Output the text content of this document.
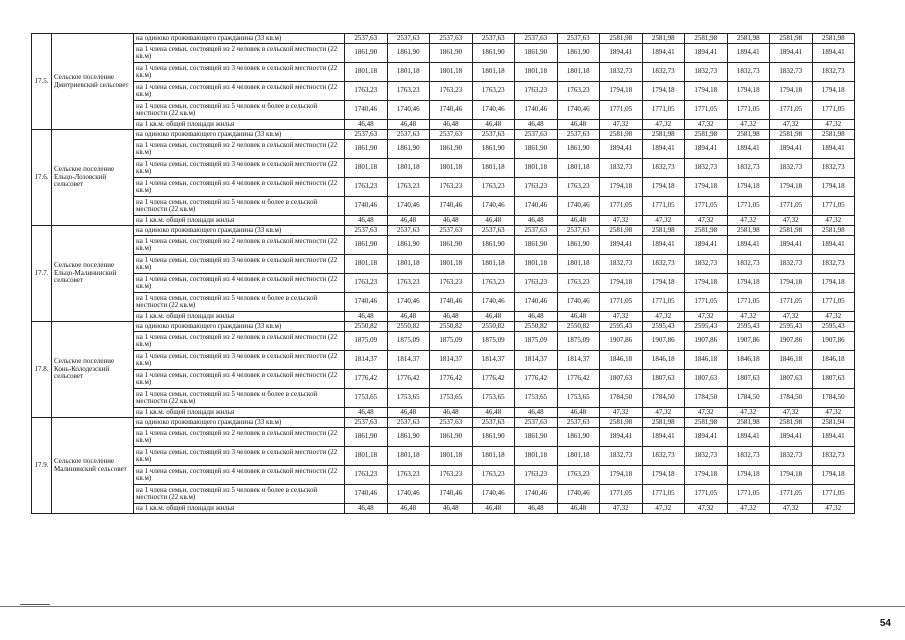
17.5.	Сельское поселение Дмитриевский сельсовет	на одиноко проживающего гражданина (33 кв.м)	2537,63	2537,63	2537,63	2537,63	2537,63	2537,63	2581,98	2581,98	2581,98	2581,98	2581,98	2581,98
		на 1 члена семьи, состоящей из 2 человек в сельской местности (22 кв.м)	1861,90	1861,90	1861,90	1861,90	1861,90	1861,90	1894,41	1894,41	1894,41	1894,41	1894,41	1894,41
		на 1 члена семьи, состоящей из 3 человек в сельской местности (22 кв.м)	1801,18	1801,18	1801,18	1801,18	1801,18	1801,18	1832,73	1832,73	1832,73	1832,73	1832,73	1832,73
		на 1 члена семьи, состоящей из 4 человек в сельской местности (22 кв.м)	1763,23	1763,23	1763,23	1763,23	1763,23	1763,23	1794,18	1794,18	1794,18	1794,18	1794,18	1794,18
		на 1 члена семьи, состоящей из 5 человек и более в сельской местности (22 кв.м)	1740,46	1740,46	1740,46	1740,46	1740,46	1740,46	1771,05	1771,05	1771,05	1771,05	1771,05	1771,05
		на 1 кв.м. общей площади жилья	46,48	46,48	46,48	46,48	46,48	46,48	47,32	47,32	47,32	47,32	47,32	47,32
17.6.	Сельское поселение Ельцо-Лозовский сельсовет	на одиноко проживающего гражданина (33 кв.м)	2537,63	2537,63	2537,63	2537,63	2537,63	2537,63	2581,98	2581,98	2581,98	2581,98	2581,98	2581,98
		на 1 члена семьи, состоящей из 2 человек в сельской местности (22 кв.м)	1861,90	1861,90	1861,90	1861,90	1861,90	1861,90	1894,41	1894,41	1894,41	1894,41	1894,41	1894,41
		на 1 члена семьи, состоящей из 3 человек в сельской местности (22 кв.м)	1801,18	1801,18	1801,18	1801,18	1801,18	1801,18	1832,73	1832,73	1832,73	1832,73	1832,73	1832,73
		на 1 члена семьи, состоящей из 4 человек в сельской местности (22 кв.м)	1763,23	1763,23	1763,23	1763,23	1763,23	1763,23	1794,18	1794,18	1794,18	1794,18	1794,18	1794,18
		на 1 члена семьи, состоящей из 5 человек и более в сельской местности (22 кв.м)	1740,46	1740,46	1740,46	1740,46	1740,46	1740,46	1771,05	1771,05	1771,05	1771,05	1771,05	1771,05
		на 1 кв.м. общей площади жилья	46,48	46,48	46,48	46,48	46,48	46,48	47,32	47,32	47,32	47,32	47,32	47,32
17.7.	Сельское поселение Ельцо-Малининский сельсовет	на одиноко проживающего гражданина (33 кв.м)	2537,63	2537,63	2537,63	2537,63	2537,63	2537,63	2581,98	2581,98	2581,98	2581,98	2581,98	2581,98
		на 1 члена семьи, состоящей из 2 человек в сельской местности (22 кв.м)	1861,90	1861,90	1861,90	1861,90	1861,90	1861,90	1894,41	1894,41	1894,41	1894,41	1894,41	1894,41
		на 1 члена семьи, состоящей из 3 человек в сельской местности (22 кв.м)	1801,18	1801,18	1801,18	1801,18	1801,18	1801,18	1832,73	1832,73	1832,73	1832,73	1832,73	1832,73
		на 1 члена семьи, состоящей из 4 человек в сельской местности (22 кв.м)	1763,23	1763,23	1763,23	1763,23	1763,23	1763,23	1794,18	1794,18	1794,18	1794,18	1794,18	1794,18
		на 1 члена семьи, состоящей из 5 человек и более в сельской местности (22 кв.м)	1740,46	1740,46	1740,46	1740,46	1740,46	1740,46	1771,05	1771,05	1771,05	1771,05	1771,05	1771,05
		на 1 кв.м. общей площади жилья	46,48	46,48	46,48	46,48	46,48	46,48	47,32	47,32	47,32	47,32	47,32	47,32
17.8.	Сельское поселение Конь-Колодезский сельсовет	на одиноко проживающего гражданина (33 кв.м)	2550,82	2550,82	2550,82	2550,82	2550,82	2550,82	2595,43	2595,43	2595,43	2595,43	2595,43	2595,43
		на 1 члена семьи, состоящей из 2 человек в сельской местности (22 кв.м)	1875,09	1875,09	1875,09	1875,09	1875,09	1875,09	1907,86	1907,86	1907,86	1907,86	1907,86	1907,86
		на 1 члена семьи, состоящей из 3 человек в сельской местности (22 кв.м)	1814,37	1814,37	1814,37	1814,37	1814,37	1814,37	1846,18	1846,18	1846,18	1846,18	1846,18	1846,18
		на 1 члена семьи, состоящей из 4 человек в сельской местности (22 кв.м)	1776,42	1776,42	1776,42	1776,42	1776,42	1776,42	1807,63	1807,63	1807,63	1807,63	1807,63	1807,63
		на 1 члена семьи, состоящей из 5 человек и более в сельской местности (22 кв.м)	1753,65	1753,65	1753,65	1753,65	1753,65	1753,65	1784,50	1784,50	1784,50	1784,50	1784,50	1784,50
		на 1 кв.м. общей площади жилья	46,48	46,48	46,48	46,48	46,48	46,48	47,32	47,32	47,32	47,32	47,32	47,32
17.9.	Сельское поселение Малининский сельсовет	на одиноко проживающего гражданина (33 кв.м)	2537,63	2537,63	2537,63	2537,63	2537,63	2537,63	2581,98	2581,98	2581,98	2581,98	2581,98	2581,94
		на 1 члена семьи, состоящей из 2 человек в сельской местности (22 кв.м)	1861,90	1861,90	1861,90	1861,90	1861,90	1861,90	1894,41	1894,41	1894,41	1894,41	1894,41	1894,41
		на 1 члена семьи, состоящей из 3 человек в сельской местности (22 кв.м)	1801,18	1801,18	1801,18	1801,18	1801,18	1801,18	1832,73	1832,73	1832,73	1832,73	1832,73	1832,73
		на 1 члена семьи, состоящей из 4 человек в сельской местности (22 кв.м)	1763,23	1763,23	1763,23	1763,23	1763,23	1763,23	1794,18	1794,18	1794,18	1794,18	1794,18	1794,18
		на 1 члена семьи, состоящей из 5 человек и более в сельской местности (22 кв.м)	1740,46	1740,46	1740,46	1740,46	1740,46	1740,46	1771,05	1771,05	1771,05	1771,05	1771,05	1771,05
		на 1 кв.м. общей площади жилья	46,48	46,48	46,48	46,48	46,48	46,48	47,32	47,32	47,32	47,32	47,32	47,32
54
